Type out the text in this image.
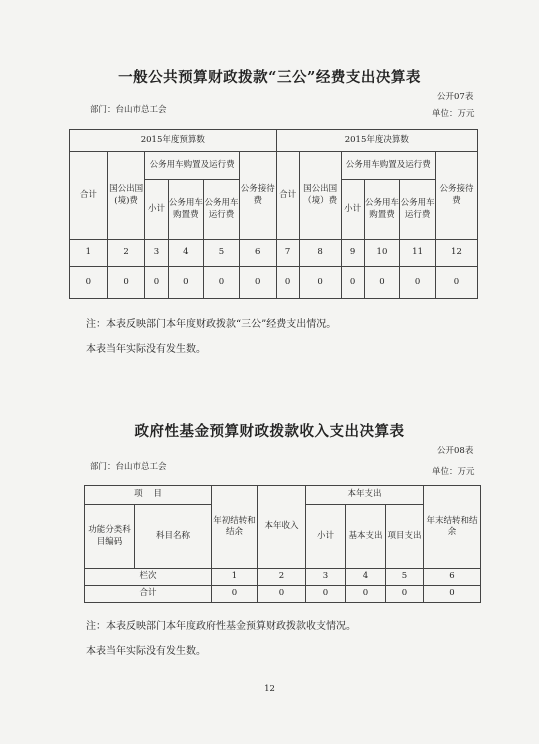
一般公共预算财政拨款“三公”经费支出决算表
公开07表
部门：台山市总工会	单位：万元
2015年度预算数						2015年度决算数					
合计	国公出国(境)费	公务用车购置及运行费			公务接待费	合计	国公出国（境）费	公务用车购置及运行费			公务接待费
		小计	公务用车购置费	公务用车运行费				小计	公务用车购置费	公务用车运行费	
1	2	3	4	5	6	7	8	9	10	11	12
0	0	0	0	0	0	0	0	0	0	0	0
注：本表反映部门本年度财政拨款“三公”经费支出情况。
本表当年实际没有发生数。
政府性基金预算财政拨款收入支出决算表
公开08表
部门：台山市总工会	单位：万元
项    目		年初结转和结余	本年收入	本年支出			年末结转和结余
功能分类科目编码	科目名称			小计	基本支出	项目支出	
栏次		1	2	3	4	5	6
合计		0	0	0	0	0	0
注：本表反映部门本年度政府性基金预算财政拨款收支情况。
本表当年实际没有发生数。
12
